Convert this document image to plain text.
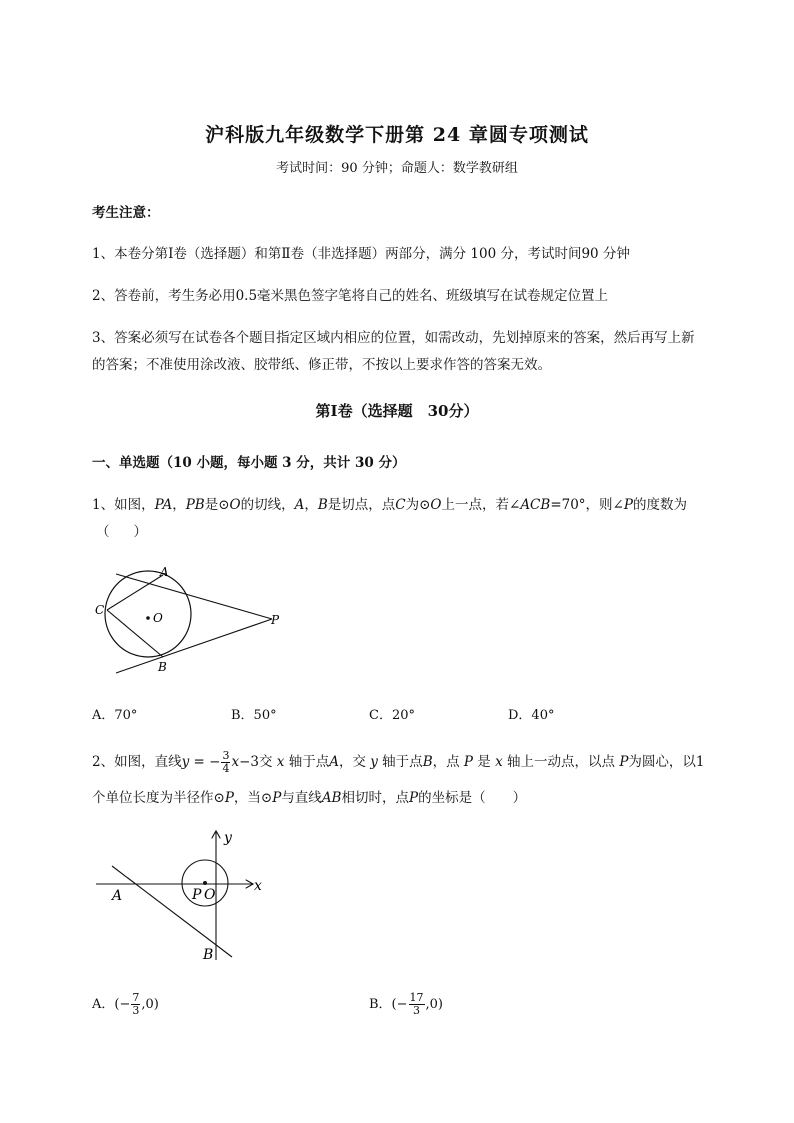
沪科版九年级数学下册第 24 章圆专项测试
考试时间：90 分钟；命题人：数学教研组
考生注意：
1、本卷分第Ⅰ卷（选择题）和第Ⅱ卷（非选择题）两部分，满分 100 分，考试时间90 分钟
2、答卷前，考生务必用0.5毫米黑色签字笔将自己的姓名、班级填写在试卷规定位置上
3、答案必须写在试卷各个题目指定区域内相应的位置，如需改动，先划掉原来的答案，然后再写上新
的答案；不准使用涂改液、胶带纸、修正带，不按以上要求作答的答案无效。
第Ⅰ卷（选择题　30分）
一、单选题（10 小题，每小题 3 分，共计 30 分）
1、如图，PA，PB是⊙O的切线，A，B是切点，点C为⊙O上一点，若∠ACB=70°，则∠P的度数为
（ ）
A
B
C
O	P
A．70°	B．50°	C．20°	D．40°
2、如图，直线y = − $\frac{3}{4} x-3$交 x 轴于点A，交 y 轴于点B，点 P 是 x 轴上一动点，以点 P为圆心，以1
个单位长度为半径作⊙P，当⊙P与直线AB相切时，点P的坐标是（　　）
x
y
A
B
P O
A．(− $\frac{7}{3} ,0$)	B．(− $\frac{17}{3} ,0$)
